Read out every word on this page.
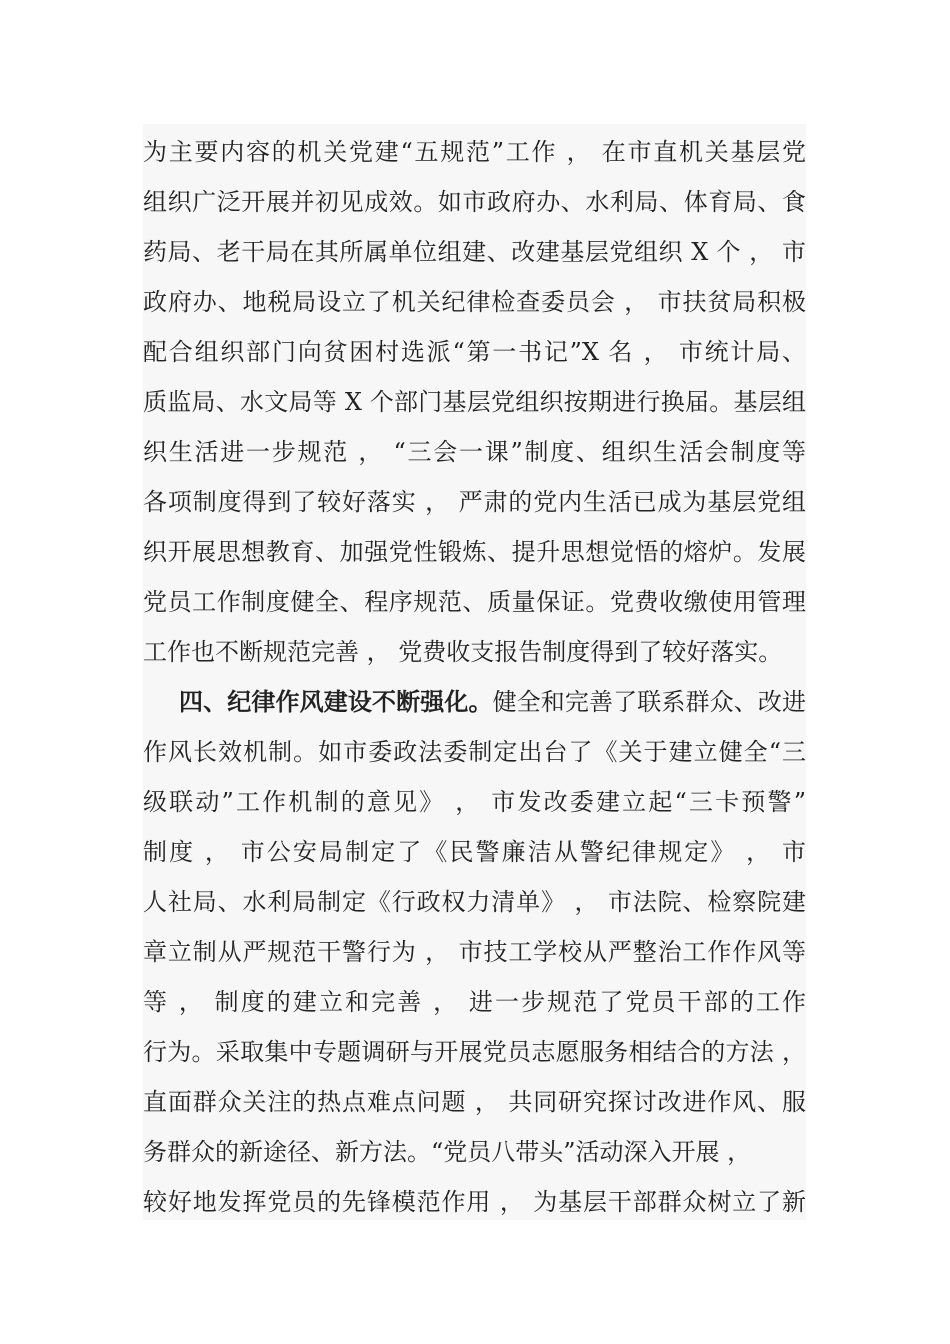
为主要内容的机关党建“五规范”工作 ， 在市直机关基层党
组织广泛开展并初见成效。如市政府办、水利局、体育局、食
药局、老干局在其所属单位组建、改建基层党组织 X 个 ， 市
政府办、地税局设立了机关纪律检查委员会 ， 市扶贫局积极
配合组织部门向贫困村选派“第一书记”X 名 ， 市统计局、
质监局、水文局等 X 个部门基层党组织按期进行换届。基层组
织生活进一步规范 ， “三会一课”制度、组织生活会制度等
各项制度得到了较好落实 ， 严肃的党内生活已成为基层党组
织开展思想教育、加强党性锻炼、提升思想觉悟的熔炉。发展
党员工作制度健全、程序规范、质量保证。党费收缴使用管理
工作也不断规范完善 ， 党费收支报告制度得到了较好落实。
四、纪律作风建设不断强化。健全和完善了联系群众、改进
作风长效机制。如市委政法委制定出台了《关于建立健全“三
级联动”工作机制的意见》 ， 市发改委建立起“三卡预警”
制度 ， 市公安局制定了《民警廉洁从警纪律规定》 ， 市
人社局、水利局制定《行政权力清单》 ， 市法院、检察院建
章立制从严规范干警行为 ， 市技工学校从严整治工作作风等
等 ， 制度的建立和完善 ， 进一步规范了党员干部的工作
行为。采取集中专题调研与开展党员志愿服务相结合的方法 ，
直面群众关注的热点难点问题 ， 共同研究探讨改进作风、服
务群众的新途径、新方法。“党员八带头”活动深入开展 ，
较好地发挥党员的先锋模范作用 ， 为基层干部群众树立了新
